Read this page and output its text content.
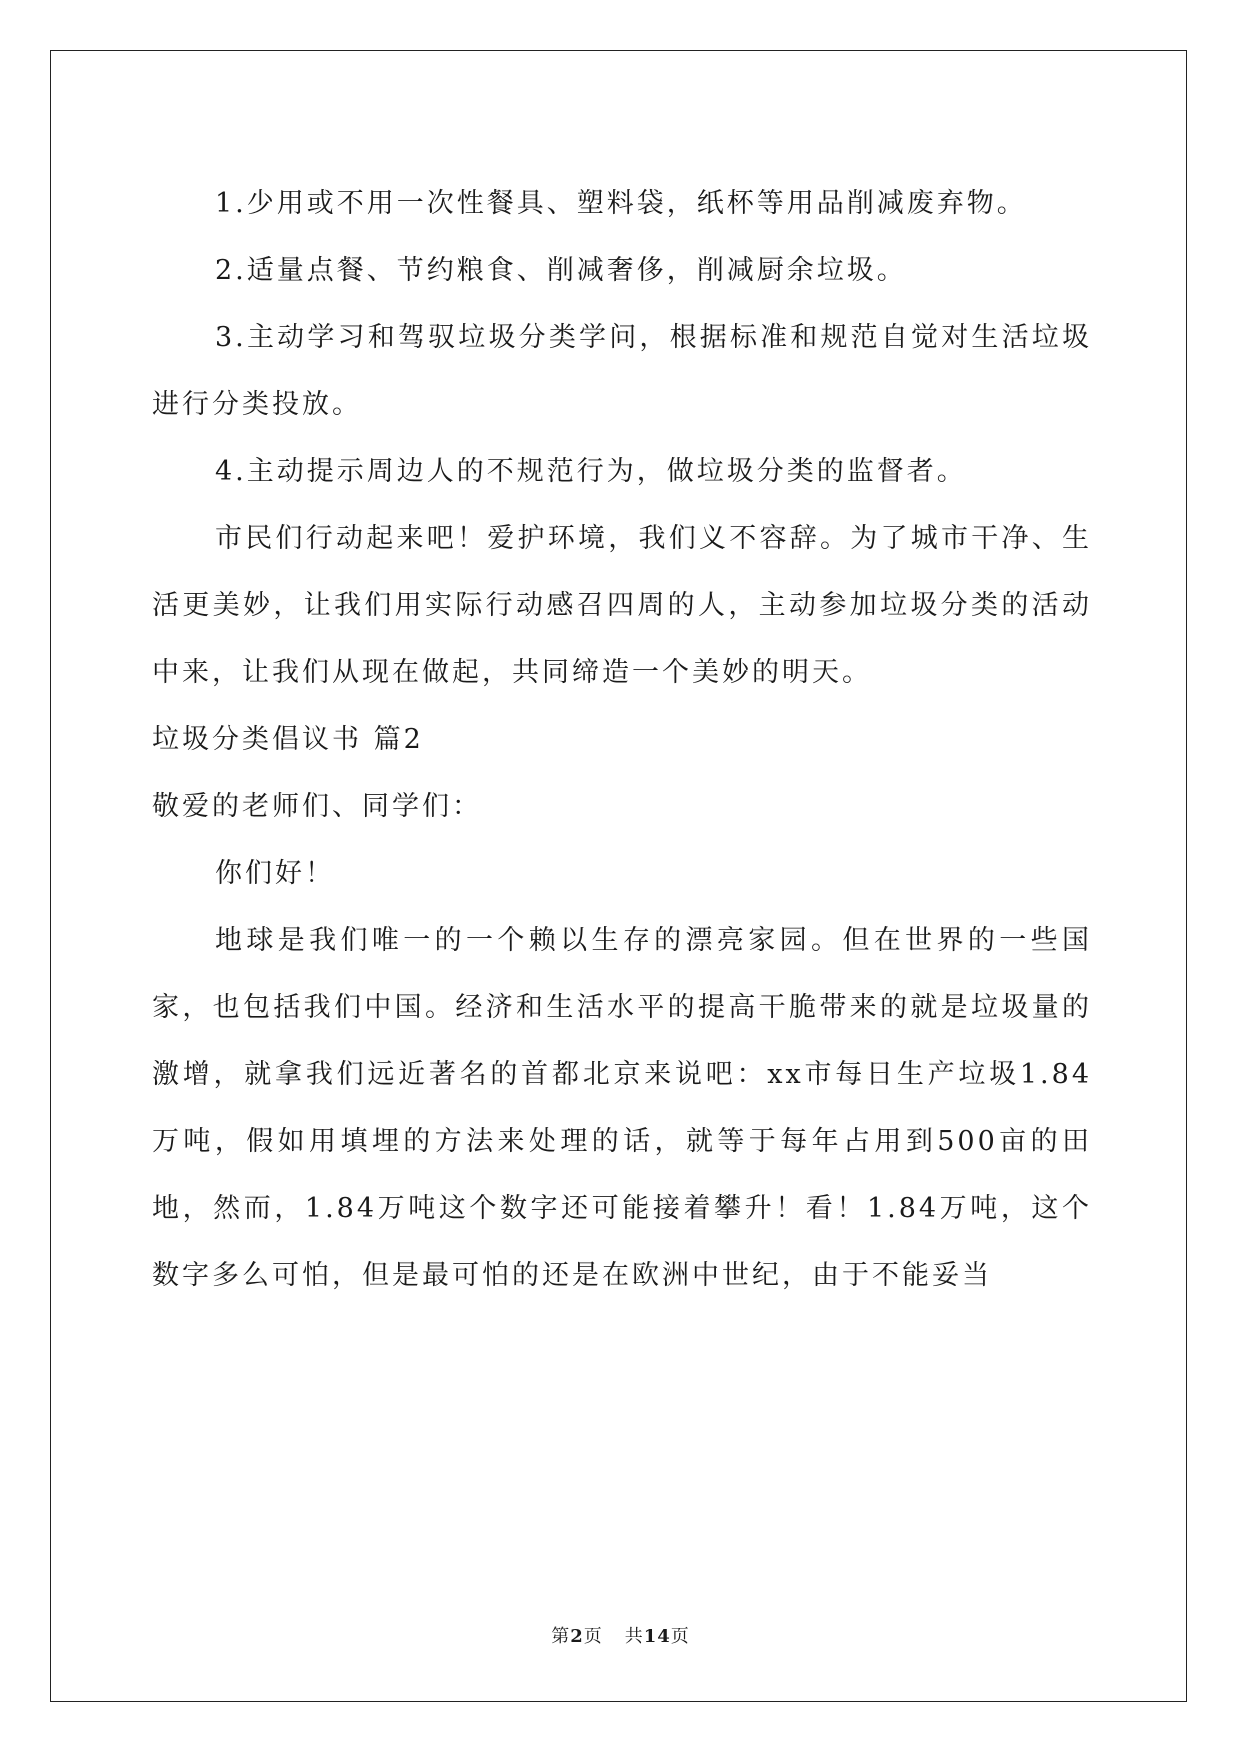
1.少用或不用一次性餐具、塑料袋，纸杯等用品削减废弃物。

2.适量点餐、节约粮食、削减奢侈，削减厨余垃圾。

3.主动学习和驾驭垃圾分类学问，根据标准和规范自觉对生活垃圾进行分类投放。

4.主动提示周边人的不规范行为，做垃圾分类的监督者。

市民们行动起来吧！爱护环境，我们义不容辞。为了城市干净、生活更美妙，让我们用实际行动感召四周的人，主动参加垃圾分类的活动中来，让我们从现在做起，共同缔造一个美妙的明天。

垃圾分类倡议书 篇2

敬爱的老师们、同学们：

你们好！

地球是我们唯一的一个赖以生存的漂亮家园。但在世界的一些国家，也包括我们中国。经济和生活水平的提高干脆带来的就是垃圾量的激增，就拿我们远近著名的首都北京来说吧：xx市每日生产垃圾1.84万吨，假如用填埋的方法来处理的话，就等于每年占用到500亩的田地，然而，1.84万吨这个数字还可能接着攀升！看！1.84万吨，这个数字多么可怕，但是最可怕的还是在欧洲中世纪，由于不能妥当

第2页 共14页
